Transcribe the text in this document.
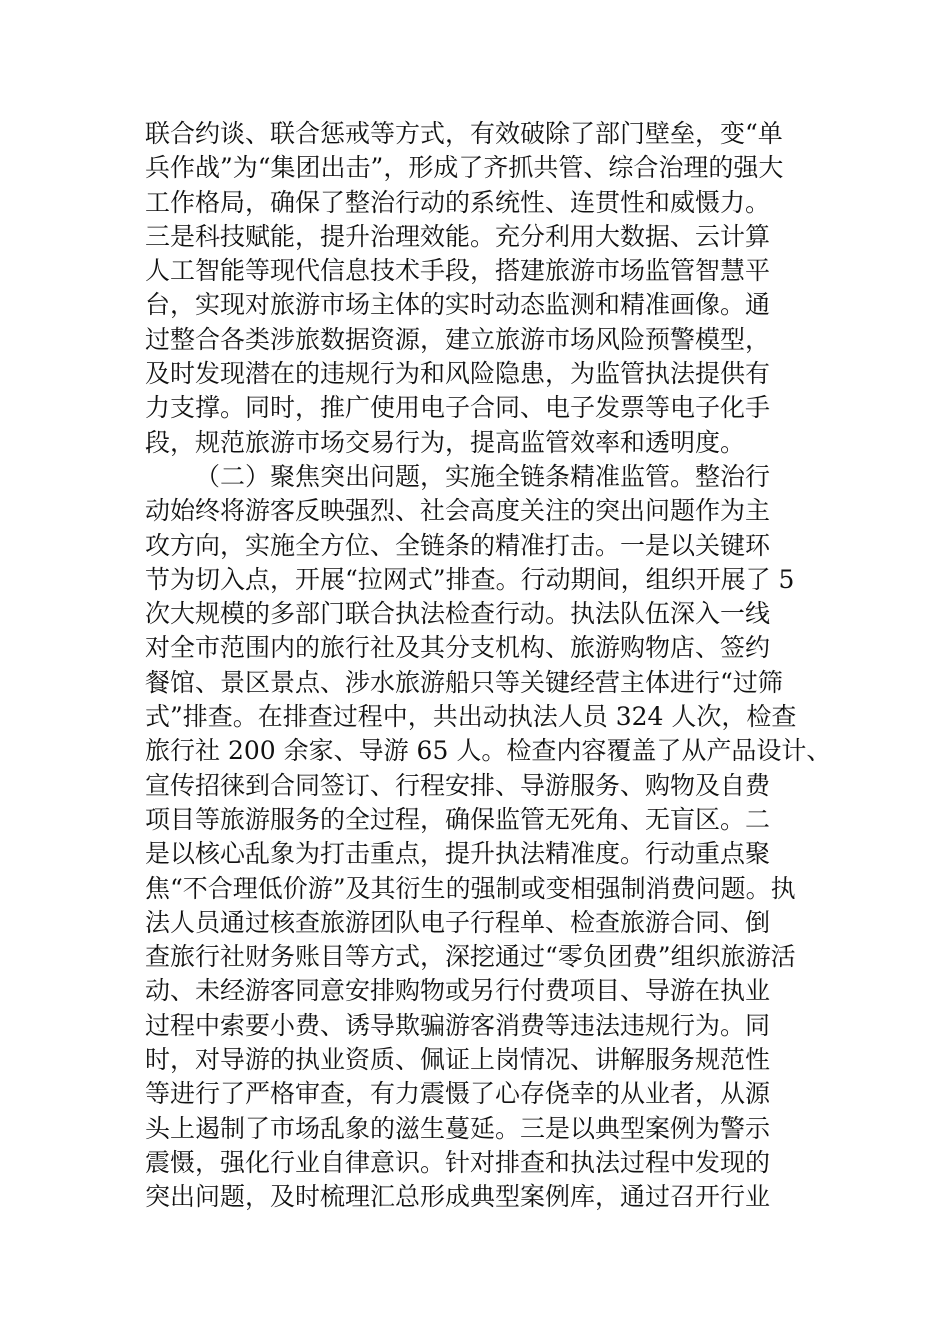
联合约谈、联合惩戒等方式，有效破除了部门壁垒，变“单
兵作战”为“集团出击”，形成了齐抓共管、综合治理的强大
工作格局，确保了整治行动的系统性、连贯性和威慑力。
三是科技赋能，提升治理效能。充分利用大数据、云计算
人工智能等现代信息技术手段，搭建旅游市场监管智慧平
台，实现对旅游市场主体的实时动态监测和精准画像。通
过整合各类涉旅数据资源，建立旅游市场风险预警模型，
及时发现潜在的违规行为和风险隐患，为监管执法提供有
力支撑。同时，推广使用电子合同、电子发票等电子化手
段，规范旅游市场交易行为，提高监管效率和透明度。
（二）聚焦突出问题，实施全链条精准监管。整治行
动始终将游客反映强烈、社会高度关注的突出问题作为主
攻方向，实施全方位、全链条的精准打击。一是以关键环
节为切入点，开展“拉网式”排查。行动期间，组织开展了 5
次大规模的多部门联合执法检查行动。执法队伍深入一线
对全市范围内的旅行社及其分支机构、旅游购物店、签约
餐馆、景区景点、涉水旅游船只等关键经营主体进行“过筛
式”排查。在排查过程中，共出动执法人员 324 人次，检查
旅行社 200 余家、导游 65 人。检查内容覆盖了从产品设计、
宣传招徕到合同签订、行程安排、导游服务、购物及自费
项目等旅游服务的全过程，确保监管无死角、无盲区。二
是以核心乱象为打击重点，提升执法精准度。行动重点聚
焦“不合理低价游”及其衍生的强制或变相强制消费问题。执
法人员通过核查旅游团队电子行程单、检查旅游合同、倒
查旅行社财务账目等方式，深挖通过“零负团费”组织旅游活
动、未经游客同意安排购物或另行付费项目、导游在执业
过程中索要小费、诱导欺骗游客消费等违法违规行为。同
时，对导游的执业资质、佩证上岗情况、讲解服务规范性
等进行了严格审查，有力震慑了心存侥幸的从业者，从源
头上遏制了市场乱象的滋生蔓延。三是以典型案例为警示
震慑，强化行业自律意识。针对排查和执法过程中发现的
突出问题，及时梳理汇总形成典型案例库，通过召开行业
